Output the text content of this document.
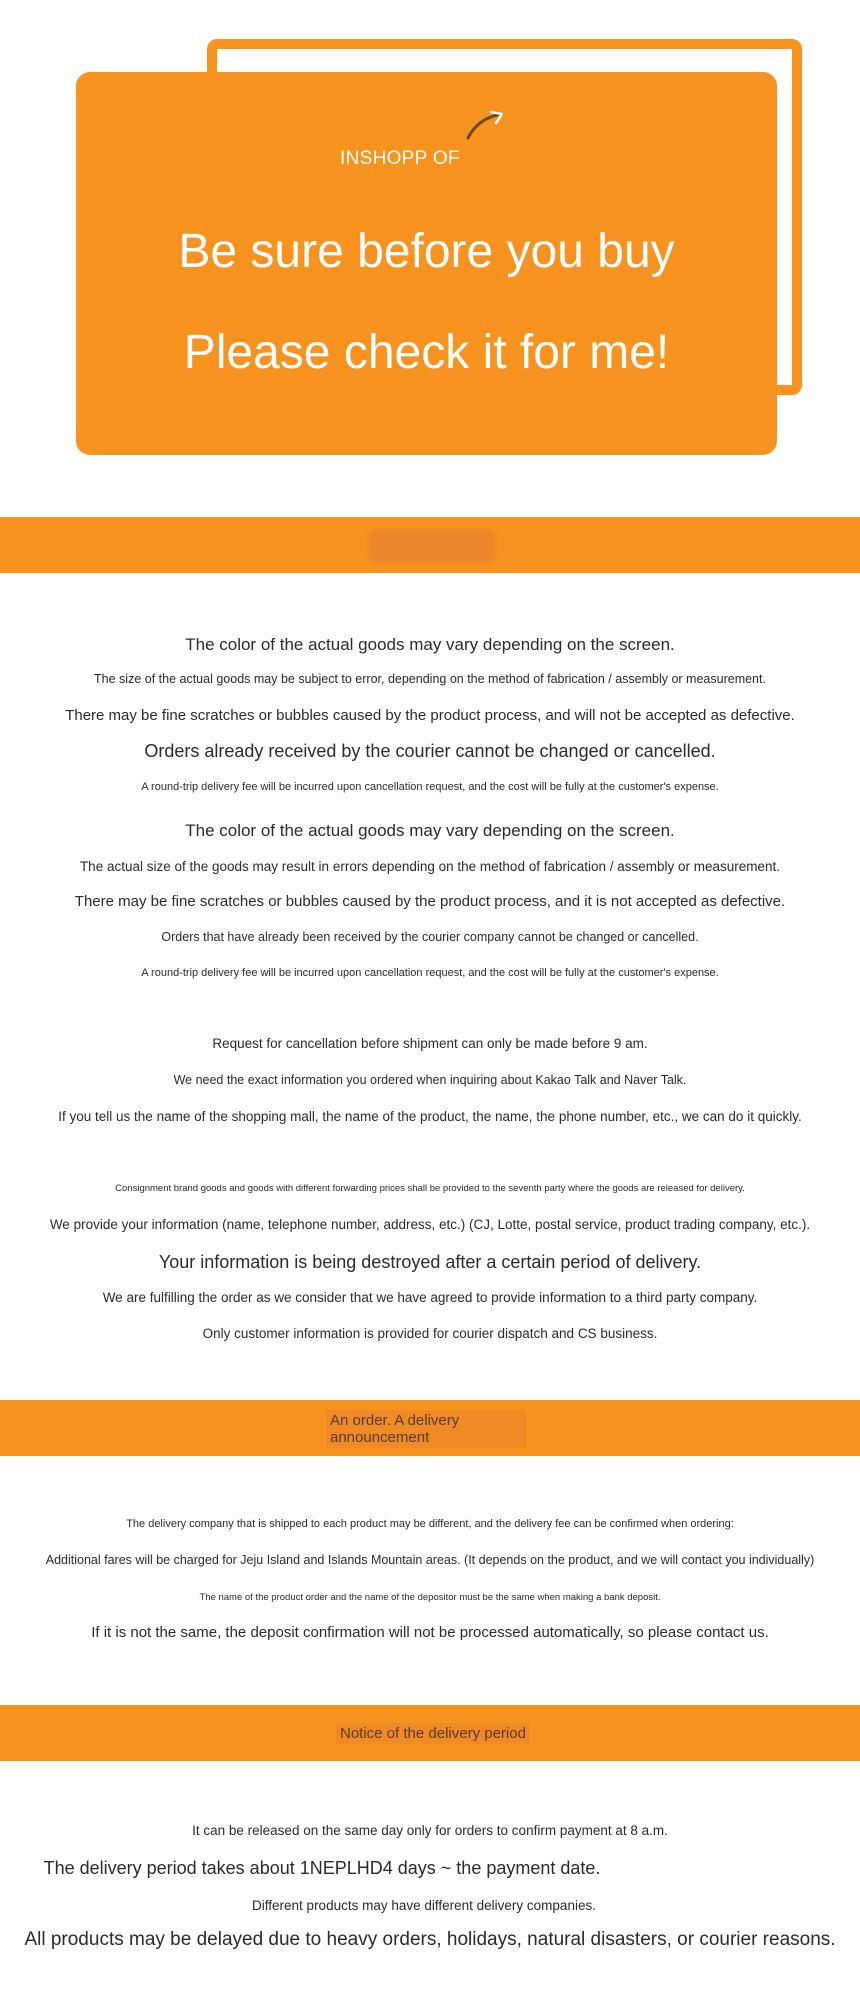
INSHOPP OF
Be sure before you buy
Please check it for me!
The color of the actual goods may vary depending on the screen.
The size of the actual goods may be subject to error, depending on the method of fabrication / assembly or measurement.
There may be fine scratches or bubbles caused by the product process, and will not be accepted as defective.
Orders already received by the courier cannot be changed or cancelled.
A round-trip delivery fee will be incurred upon cancellation request, and the cost will be fully at the customer's expense.
The color of the actual goods may vary depending on the screen.
The actual size of the goods may result in errors depending on the method of fabrication / assembly or measurement.
There may be fine scratches or bubbles caused by the product process, and it is not accepted as defective.
Orders that have already been received by the courier company cannot be changed or cancelled.
A round-trip delivery fee will be incurred upon cancellation request, and the cost will be fully at the customer's expense.
Request for cancellation before shipment can only be made before 9 am.
We need the exact information you ordered when inquiring about Kakao Talk and Naver Talk.
If you tell us the name of the shopping mall, the name of the product, the name, the phone number, etc., we can do it quickly.
Consignment brand goods and goods with different forwarding prices shall be provided to the seventh party where the goods are released for delivery.
We provide your information (name, telephone number, address, etc.) (CJ, Lotte, postal service, product trading company, etc.).
Your information is being destroyed after a certain period of delivery.
We are fulfilling the order as we consider that we have agreed to provide information to a third party company.
Only customer information is provided for courier dispatch and CS business.
An order. A delivery
announcement
The delivery company that is shipped to each product may be different, and the delivery fee can be confirmed when ordering:
Additional fares will be charged for Jeju Island and Islands Mountain areas. (It depends on the product, and we will contact you individually)
The name of the product order and the name of the depositor must be the same when making a bank deposit.
If it is not the same, the deposit confirmation will not be processed automatically, so please contact us.
Notice of the delivery period
It can be released on the same day only for orders to confirm payment at 8 a.m.
The delivery period takes about 1NEPLHD4 days ~ the payment date.
Different products may have different delivery companies.
All products may be delayed due to heavy orders, holidays, natural disasters, or courier reasons.
